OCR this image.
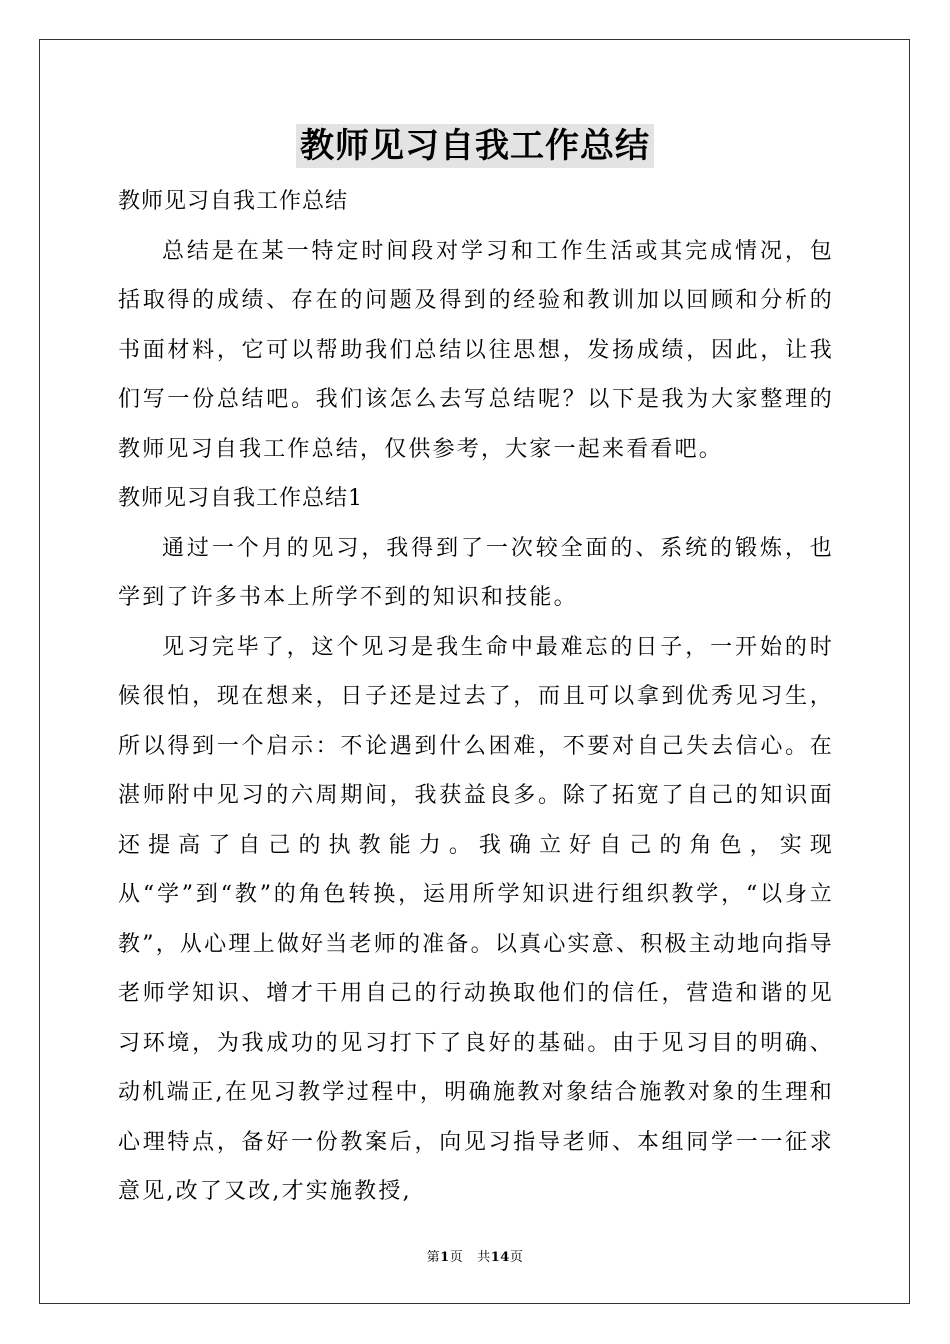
教师见习自我工作总结

教师见习自我工作总结

总结是在某一特定时间段对学习和工作生活或其完成情况，包括取得的成绩、存在的问题及得到的经验和教训加以回顾和分析的书面材料，它可以帮助我们总结以往思想，发扬成绩，因此，让我们写一份总结吧。我们该怎么去写总结呢？以下是我为大家整理的教师见习自我工作总结，仅供参考，大家一起来看看吧。

教师见习自我工作总结1

通过一个月的见习，我得到了一次较全面的、系统的锻炼，也学到了许多书本上所学不到的知识和技能。

见习完毕了，这个见习是我生命中最难忘的日子，一开始的时候很怕，现在想来，日子还是过去了，而且可以拿到优秀见习生，所以得到一个启示：不论遇到什么困难，不要对自己失去信心。在湛师附中见习的六周期间，我获益良多。除了拓宽了自己的知识面还提高了自己的执教能力。我确立好自己的角色，实现从“学”到“教”的角色转换，运用所学知识进行组织教学，“以身立教”，从心理上做好当老师的准备。以真心实意、积极主动地向指导老师学知识、增才干用自己的行动换取他们的信任，营造和谐的见习环境，为我成功的见习打下了良好的基础。由于见习目的明确、动机端正,在见习教学过程中，明确施教对象结合施教对象的生理和心理特点，备好一份教案后，向见习指导老师、本组同学一一征求意见,改了又改,才实施教授,

第1页 共14页
